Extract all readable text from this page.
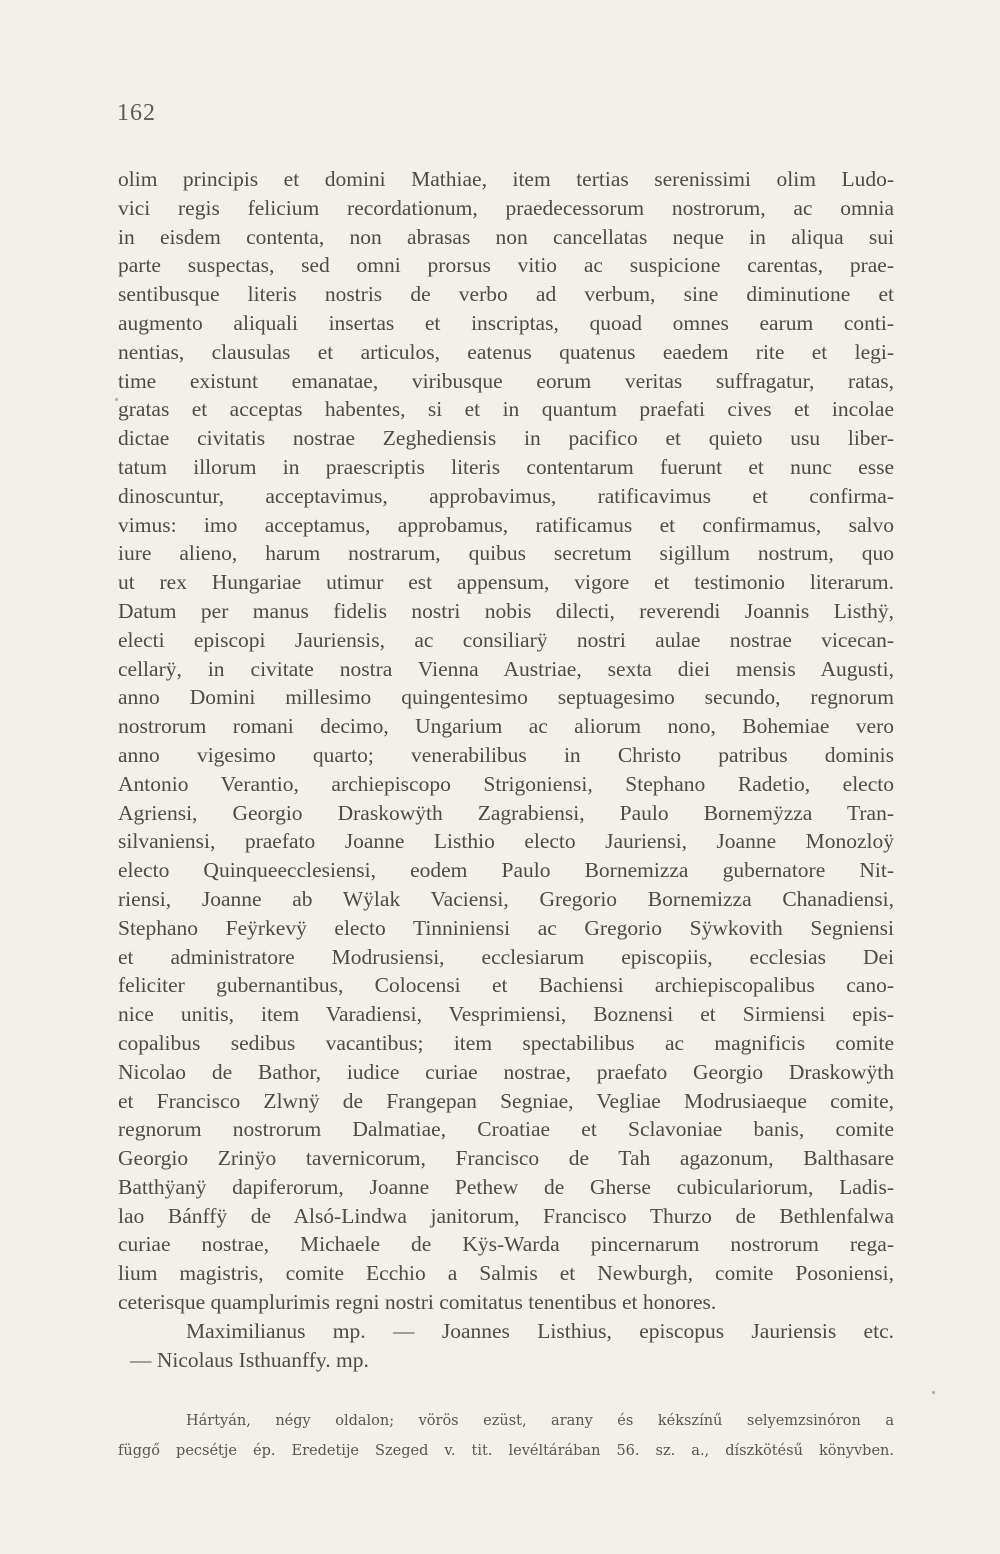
162
olim principis et domini Mathiae, item tertias serenissimi olim Ludo-
vici regis felicium recordationum, praedecessorum nostrorum, ac omnia
in eisdem contenta, non abrasas non cancellatas neque in aliqua sui
parte suspectas, sed omni prorsus vitio ac suspicione carentas, prae-
sentibusque literis nostris de verbo ad verbum, sine diminutione et
augmento aliquali insertas et inscriptas, quoad omnes earum conti-
nentias, clausulas et articulos, eatenus quatenus eaedem rite et legi-
time existunt emanatae, viribusque eorum veritas suffragatur, ratas,
gratas et acceptas habentes, si et in quantum praefati cives et incolae
dictae civitatis nostrae Zeghediensis in pacifico et quieto usu liber-
tatum illorum in praescriptis literis contentarum fuerunt et nunc esse
dinoscuntur, acceptavimus, approbavimus, ratificavimus et confirma-
vimus: imo acceptamus, approbamus, ratificamus et confirmamus, salvo
iure alieno, harum nostrarum, quibus secretum sigillum nostrum, quo
ut rex Hungariae utimur est appensum, vigore et testimonio literarum.
Datum per manus fidelis nostri nobis dilecti, reverendi Joannis Listhÿ,
electi episcopi Jauriensis, ac consiliarÿ nostri aulae nostrae vicecan-
cellarÿ, in civitate nostra Vienna Austriae, sexta diei mensis Augusti,
anno Domini millesimo quingentesimo septuagesimo secundo, regnorum
nostrorum romani decimo, Ungarium ac aliorum nono, Bohemiae vero
anno vigesimo quarto; venerabilibus in Christo patribus dominis
Antonio Verantio, archiepiscopo Strigoniensi, Stephano Radetio, electo
Agriensi, Georgio Draskowÿth Zagrabiensi, Paulo Bornemÿzza Tran-
silvaniensi, praefato Joanne Listhio electo Jauriensi, Joanne Monozloÿ
electo Quinqueecclesiensi, eodem Paulo Bornemizza gubernatore Nit-
riensi, Joanne ab Wÿlak Vaciensi, Gregorio Bornemizza Chanadiensi,
Stephano Feÿrkevÿ electo Tinniniensi ac Gregorio Sÿwkovith Segniensi
et administratore Modrusiensi, ecclesiarum episcopiis, ecclesias Dei
feliciter gubernantibus, Colocensi et Bachiensi archiepiscopalibus cano-
nice unitis, item Varadiensi, Vesprimiensi, Boznensi et Sirmiensi epis-
copalibus sedibus vacantibus; item spectabilibus ac magnificis comite
Nicolao de Bathor, iudice curiae nostrae, praefato Georgio Draskowÿth
et Francisco Zlwnÿ de Frangepan Segniae, Vegliae Modrusiaeque comite,
regnorum nostrorum Dalmatiae, Croatiae et Sclavoniae banis, comite
Georgio Zrinÿo tavernicorum, Francisco de Tah agazonum, Balthasare
Batthÿanÿ dapiferorum, Joanne Pethew de Gherse cubiculariorum, Ladis-
lao Bánffÿ de Alsó-Lindwa janitorum, Francisco Thurzo de Bethlenfalwa
curiae nostrae, Michaele de Kÿs-Warda pincernarum nostrorum rega-
lium magistris, comite Ecchio a Salmis et Newburgh, comite Posoniensi,
ceterisque quamplurimis regni nostri comitatus tenentibus et honores.
Maximilianus mp. — Joannes Listhius, episcopus Jauriensis etc.
— Nicolaus Isthuanffy. mp.
Hártyán, négy oldalon; vörös ezüst, arany és kékszínű selyemzsinóron a
függő pecsétje ép. Eredetije Szeged v. tit. levéltárában 56. sz. a., díszkötésű könyvben.
